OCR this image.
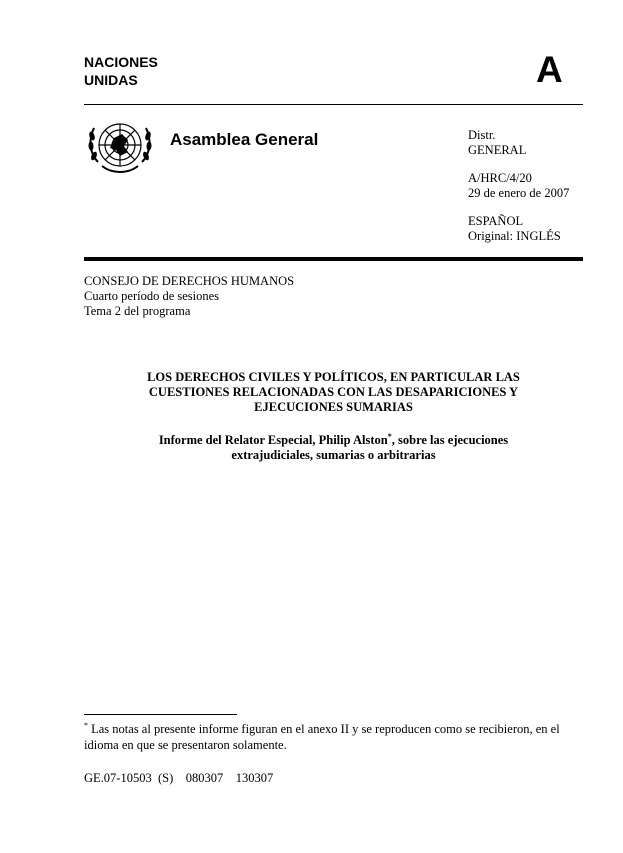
NACIONES
UNIDAS	A
Asamblea General	Distr.
GENERAL
A/HRC/4/20
29 de enero de 2007
ESPAÑOL
Original: INGLÉS
CONSEJO DE DERECHOS HUMANOS
Cuarto período de sesiones
Tema 2 del programa
LOS DERECHOS CIVILES Y POLÍTICOS, EN PARTICULAR LAS
CUESTIONES RELACIONADAS CON LAS DESAPARICIONES Y
EJECUCIONES SUMARIAS
Informe del Relator Especial, Philip Alston*, sobre las ejecuciones
extrajudiciales, sumarias o arbitrarias
* Las notas al presente informe figuran en el anexo II y se reproducen como se recibieron, en el idioma en que se presentaron solamente.
GE.07-10503  (S)    080307    130307
